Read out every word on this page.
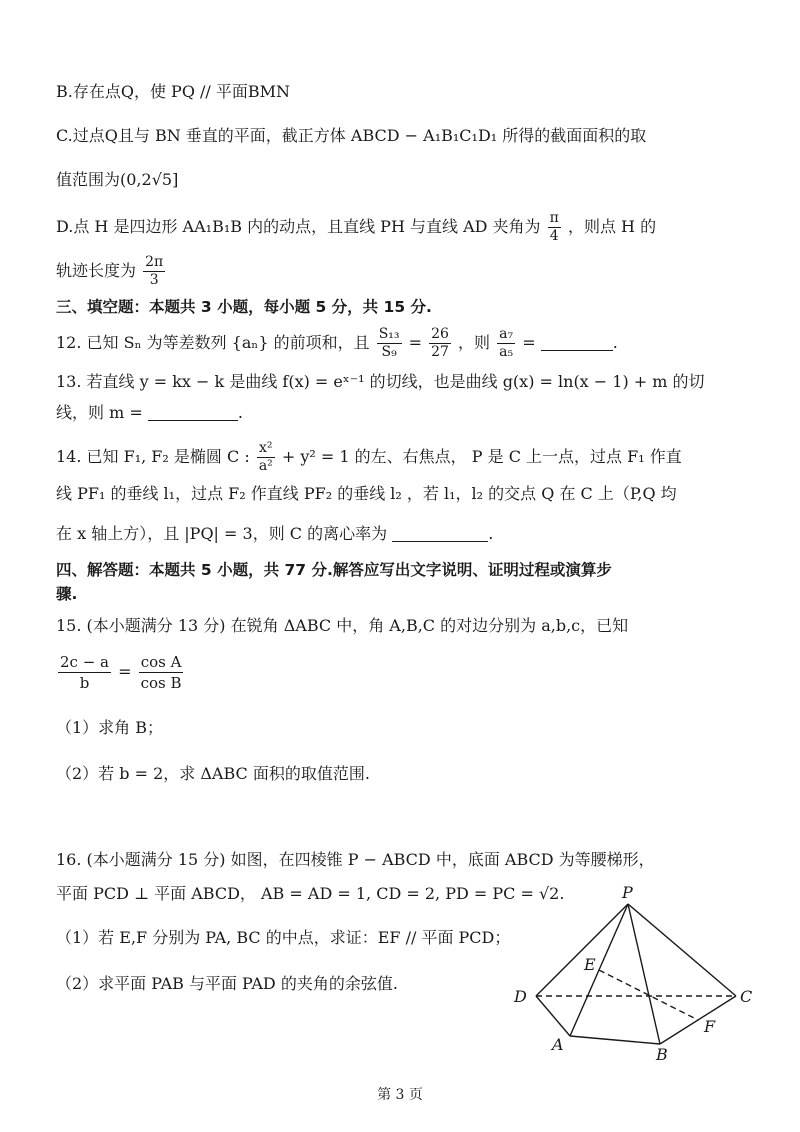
B.存在点Q，使 PQ // 平面BMN
C.过点Q且与 BN 垂直的平面，截正方体 ABCD − A₁B₁C₁D₁ 所得的截面面积的取
值范围为(0,2√5]
D.点 H 是四边形 AA₁B₁B 内的动点，且直线 PH 与直线 AD 夹角为 $\frac{\pi}{4}$ ，则点 H 的
轨迹长度为 $\frac{2\pi}{3}$
三、填空题：本题共 3 小题，每小题 5 分，共 15 分.
12. 已知 Sₙ 为等差数列 {aₙ} 的前项和，且 $\frac{\text{S₁₃}}{\text{S₉}} = \frac{26}{27}$ ，则 $\frac{\text{a₇}}{\text{a₅}}$ =	.
13. 若直线 y = kx − k 是曲线 f(x) = eˣ⁻¹ 的切线，也是曲线 g(x) = ln(x − 1) + m 的切
线，则 m =	.
14. 已知 F₁, F₂ 是椭圆 C : $\frac{\text{x²}}{\text{a²}} + y^2 = 1$ 的左、右焦点， P 是 C 上一点，过点 F₁ 作直
线 PF₁ 的垂线 l₁，过点 F₂ 作直线 PF₂ 的垂线 l₂ ，若 l₁，l₂ 的交点 Q 在 C 上（P,Q 均
在 x 轴上方），且 |PQ| = 3，则 C 的离心率为	.
四、解答题：本题共 5 小题，共 77 分.解答应写出文字说明、证明过程或演算步
骤.
15. (本小题满分 13 分) 在锐角 ΔABC 中，角 A,B,C 的对边分别为 a,b,c，已知
$\frac{2c - a}{b} = \frac{\text{cos A}}{\text{cos B}}$
（1）求角 B；
（2）若 b = 2，求 ΔABC 面积的取值范围.
16. (本小题满分 15 分) 如图，在四棱锥 P − ABCD 中，底面 ABCD 为等腰梯形，
平面 PCD ⊥ 平面 ABCD， AB = AD = 1, CD = 2, PD = PC = √2.
（1）若 E,F 分别为 PA, BC 的中点，求证：EF // 平面 PCD；
（2）求平面 PAB 与平面 PAD 的夹角的余弦值.
P
E
D	C
F
A
B
第 3 页
